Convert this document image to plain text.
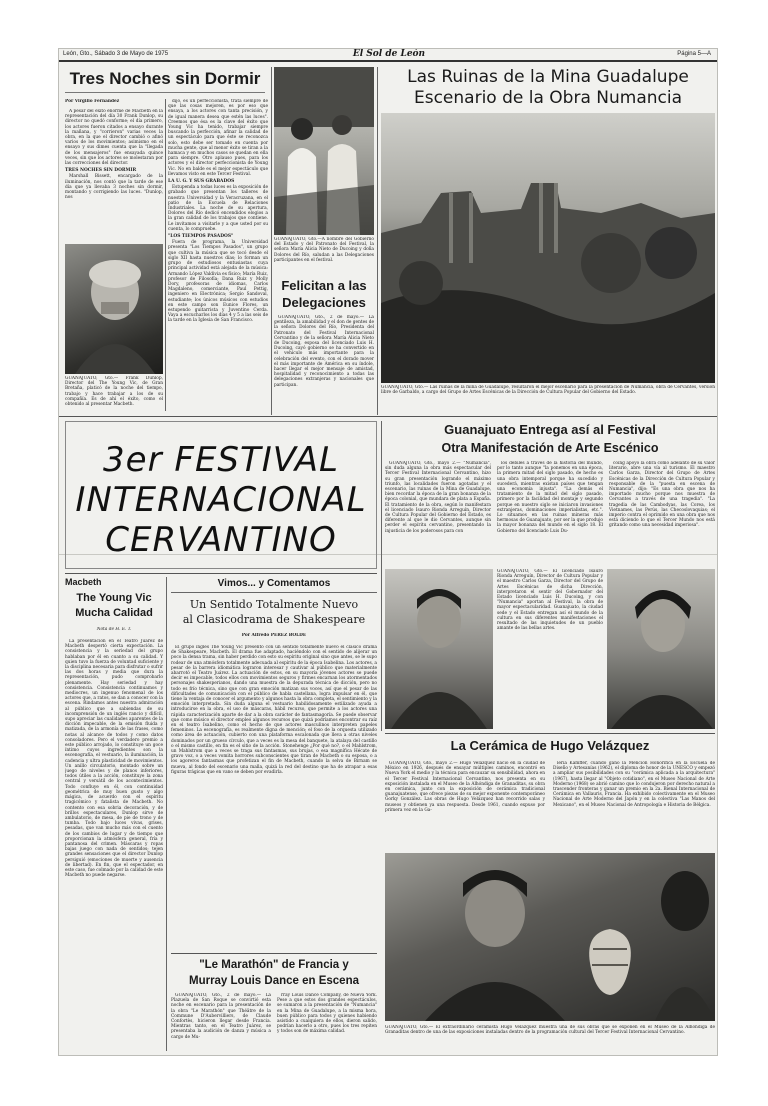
León, Gto., Sábado 3 de Mayo de 1975	El Sol de León	Página 5—A
Tres Noches sin Dormir
Por Virgilio Fernández

A pesar del éxito enorme de Macbeth en la representación del día 30 Frank Dunlop, su director no quedó conforme; el día primero, los actores fueron citados a ensayo durante la mañana, y "corrieron" varias veces la obra, en la que el director cambió o afinó varios de los movimientos; asimismo en el ensayo y sus dimes cuenta que la "llegada de los mensajeros" fue ensayada quince veces, sin que los actores se molestaran por las correcciones del director.

TRES NOCHES SIN DORMIR

Marshall Bissett, encargado de la iluminación, nos contó que la tarde de ese día que ya llevaba 3 noches sin dormir, montando y corrigiendo las luces. "Dunlop, nos

GUANAJUATO, Gto.— Frank Dunlop, Director del The Young Vic, de Gran Bretaña, platicó de la noche del tiempo, trabajo y hace trabajar a los de su compañía. Es de ahí el éxito, como el obtenido al presentar Macbeth.

dijo, es un perfeccionista, trata siempre de que las cosas mejoren, es por eso que ensaya, a los actores con tanta precisión, y de igual manera desea que estén las luces". Creemos que ésa es la clave del éxito que Young Vic ha tenido, trabajar siempre buscando la perfección, afinar la calidad de un espectáculo para que éste se reconozca solo, esto debe ser tomado en cuenta por mucha gente, que al menor éxito se tiran a la hamaca y en muchos casos se quedan en ella para siempre. Otro aplauso pues, para los actores y el director perfeccionista de Young Vic. No en balde es el mejor espectáculo que llevamos visto en este Tercer Festival.

LA U. G. Y SUS GRABADOS

Estupenda a todas luces es la exposición de grabado que presentan los talleres de nuestra Universidad y la Veracruzana, en el patio de la Escuela de Relaciones Industriales. La noche de su apertura, Dolores del Río dedicó encendidos elogios a la gran calidad de los trabajos que contiene. Le invitamos a visitarle y a que usted por su cuenta, lo compruebe.

"LOS TIEMPOS PASADOS"

Fuera de programa, la Universidad presenta "Los Tiempos Pasados", un grupo que cultiva la música que se tocó desde el siglo XII hasta nuestros días; lo forman un grupo de estudiosos entusiastas cuya principal actividad está alejada de la música: Armando López Valdivia es físico; María Ruiz, profesor de Filosofía; Dana Ruiz y Molly Dory, profesoras de idiomas, Carlos Magdaleno, comerciante, Paul Pettig, ingeniero en Electrónica; Sergio Sandoval, estudiante; los únicos músicos con estudios en este campo son Eunice Flores, un estupendo guitarrista y Juventino Cerda. Vaya a escucharlos los días 4 y 5 a las seis de la tarde en la Iglesia de San Francisco.

GUANAJUATO, Gto.—A nombre del Gobierno del Estado y del Patronato del Festival, la señora María Alicia Nieto de Ducoing y doña Dolores del Río, saludan a las Delegaciones participantes en el festival.
Felicitan a las
Delegaciones

GUANAJUATO, Gto., 2 de mayo.— La gentileza, la amabilidad y el don de gentes de la señora Dolores del Río, Presidenta del Patronato del Festival Internacional Cervantino y de la señora María Alicia Nieto de Ducoing, esposa del licenciado Luis H. Ducoing, cayó gobierno se ha convertido en el vehículo más importante para la celebración del evento, con el dorado mover el más importante de América en su índole, hacer llegar el mejor mensaje de amistad, hospitalidad y reconocimiento a todas las delegaciones extranjeras y nacionales que participan.

Las Ruinas de la Mina Guadalupe
Escenario de la Obra Numancia
GUANAJUATO, Gto.— Las ruinas de la mina de Guadalupe, resultaron el mejor escenario para la presentación de Numancia, obra de Cervantes, versión libre de Garbaldo, a cargo del Grupo de Artes Escénicas de la Dirección de Cultura Popular del Gobierno del Estado.
3er FESTIVAL
INTERNACIONAL
CERVANTINO
Guanajuato Entrega así al Festival
Otra Manifestación de Arte Escénico

GUANAJUATO, Gto., mayo 2.— "Numancia", sin duda alguna la obra más espectacular del Tercer Festival Internacional Cervantino, hizo su gran presentación logrando el máximo triunfo, las localidades fueron agotadas y el escenario, las ruinas de la Mina de Guadalupe, bien recordar la época de la gran bonanza de la época colonial, que mundara de plata a España. El tratamiento de la obra, según lo manifestara el licenciado Isauro Rionda Arreguín, Director de Cultura Popular del Gobierno del Estado, es diferente al que le dio Cervantes, aunque sin perder el espíritu cervantino, presentando la injusticia de los poderosos para con

los débiles a través de la historia del mundo, por lo tanto aunque "la ponemos en una época, la primera mitad del siglo pasado, de hecho es una obra intemporal porque ha sucedido y sucederá, mientras existan países que tengan una economía injusta". "La demás el tratamiento de la mitad del siglo pasado, primero por la facilidad del montaje y segundo porque en nuestro siglo se iniciaron invasiones extranjeras, dominaciones imperialistas, etc.". Lo situamos en las ruinas mineras más hermosas de Guanajuato, por ser la que produjo la mayor bonanza del mundo en el siglo 18. El Gobierno del licenciado Luis Du-

coing apoyó la obra como adelanto de su valor literario, abre una vía al turismo. El maestro Carlos Garza, Director del Grupo de Artes Escénicas de la Dirección de Cultura Popular y responsable de la "puesta en escena de Numancia", dijo: "Es una obra que nos ha importado mucho porque nos muestra de Cervantes a través de una tragedia". "La tragedia de las Cambodyas, las Corea, los Vietnames, las Perús, las Checoslovaquias; el imperio contra el oprimido en una obra que nos está diciendo lo que el Tercer Mundo nos está gritando como una necesidad imperiosa".

GUANAJUATO, Gto.— El licenciado Isauro Rionda Arreguín, Director de Cultura Popular y el maestro Carlos Garza, Director del Grupo de Artes Escénicas de dicha Dirección, interpretaron el sentir del Gobernador del Estado licenciado Luis H. Ducoing, y con "Numancia" aportan al Festival, la obra de mayor espectacularidad. Guanajuato, la ciudad sede y el Estado entregan así el mundo de la cultura en sus diferentes manifestaciones el resultado de las inquietudes de un pueblo amante de las bellas artes.
Macbeth
The Young Vic
Mucha Calidad
Nota de H. E. T.

La presentación en el Teatro Juárez de Macbeth despertó cierta expectación. La consistencia y la seriedad del grupo hablaban por él en cuanto a su calidad. Y quien tuvo la fuerza de voluntad suficiente y la disciplina necesaria para disfrutar o sufrir las dos horas y media que dura la representación, pudo comprobarlo plenamente. Hay seriedad y hay consistencia. Consistencia continuamos y mediocres, un ingenuo fenomenal de los actores que, a ratos, se dan a conocer con la escena. Rindamos antes nuestra admiración al público que a sabiendas de su incomprensión de un inglés rancio y difícil, supo apreciar las cualidades aparentes de la dicción impecable, de la emisión fluida y matizada, de la armonía de las frases, como notas al alcance de todos y como datos consoladores. Pero el verdadero premio a este público arrojado, lo constituye un goce íntimo cuyos ingredientes son la escenografía, el vestuario, la iluminación, la cadencia y ultra plasticidad de movimientos. Un anillo circulatorio, montado sobre un juego de niveles y de planos inferiores, todos útiles a la acción, constituye la zona central y versátil de los acontecimientos. Todo confluye en él, con continuidad geométrica de muy buen gusto y algo mágica, de acuerdo con el espíritu tragicómico y fatalista de Macbeth. No contento con esa sobria decoración, y de brillos espectaculares, Dunlop sirve de ambulatorio, de mesa, de pie de trono y de tumba. Todo bajo luces vivas, grises, pesadas, que van mucho más con el cuento de los cambios de lugar y de tiempo que proporcionan la atmósfera general, fría y pantanosa del crimen. Máscaras y ropas bajas juego con nada de sentidos; tejen grandes sensaciones que el director Dunlop persiguió (emociones de muerte y ausencia de libertad). En fin, que el espectador, en este caso, fue colmado por la calidad de este Macbeth no puede negarse.

Vimos... y Comentamos
Un Sentido Totalmente Nuevo
al Clasicodrama de Shakespeare
Por Alfredo PEREZ BOLDE

El grupo inglés The Young Vic presentó con un sentido totalmente nuevo el clásico drama de Shakespeare, Macbeth. El drama fue adaptado, haciéndolo con el sentido de alijerar un poco la densa trama, sin haber perdido con esto su espíritu original sino que antes, se le supo rodear de una atmósfera totalmente adecuada al espíritu de la época Isabelina. Los actores, a pesar de la barrera idiomática lograron interesar y cautivar al público que materialmente abarrotó el Teatro Juárez. La actuación de estos, en su mayoría jóvenes actores se puede decir es impecable, todos ellos con movimientos seguros y firmes encarnan los atormentados personajes shakesperianos, dando una muestra de la depurada técnica de dicción, pero no todo es frío técnica, sino que con gran emoción matizan sus voces, así que el pesar de las dificultades de comunicación con el público de habla castellana, logra impulsar en él, que tiene la ventaja de conocer el argumento y algunos hasta la obra completa, el sentimiento y la emoción interpretada. Sin duda alguna el vestuario habilidosamente estilizado ayuda a introducirse en la obra, el uso de máscaras, hábil recurso, que permite a los actores una rápida caracterización aparte de dar a la obra carácter de fantasmagoría. Se puede observar que como músico el director empleó algunos recursos que quizá podríamos encontrar su raíz en el teatro Isabelino, como el hecho de que actores masculinos interpreten papeles femeninos. La escenografía, es realmente digna de mención; el foso de la orquesta utilizado como área de actuación, cubierto con una plataforma escalonada que lleva a otras niveles dominados por un grueso círculo, que a veces es la mesa del banquete, la atalaya del castillo o el mismo castillo, en fin es el sitio de la acción. Stonehenge ¿Por qué no?, o el Mahlstrom, un Mahlstrom que a veces se traga sus fantasmas, sus brujas, o esa magnífica Hécate de gravo voz, o a veces vomita horrores subconscientes que tiran de Macbeth o su esposa, o a los agoreros fantasmas que profetizan el fin de Macbeth, cuando la selva de Birnam se mueva, al fondo del escenario una malla, quizá la red del destino que ha de atrapar a esas figuras trágicas que en vano se deben por evadirla.

"Le Marathón" de Francia y
Murray Louis Dance en Escena

GUANAJUATO, Gto., 2 de mayo.— La Plazuela de San Roque se convirtió esta noche en escenario para la presentación de la obra "Le Marathón" que Théâtre de la Commune D'Aubervilliers, de Claude Confortès, hicieron llegar desde Francia. Mientras tanto, en el Teatro Juárez, se presentaba la audición de danza y música a cargo de Mu-

rray Louis Dance Company, de Nueva York. Pese a que estos dos grandes espectáculos, se sumaron a la presentación de "Numancia" en la Mina de Guadalupe, a la misma hora, buen público para todos y quienes habiendo asistido a cualquiera de ellos, dieron salido, podrían hacerlo a otro, pues los tres repiten y todos son de máxima calidad.

La Cerámica de Hugo Velázquez

GUANAJUATO, Gto., mayo 2.— Hugo Velázquez nació en la ciudad de México en 1926, después de ensayar múltiples caminos, encontró en Nueva York el medio y la técnica para encauzar su sensibilidad, ahora en el Tercer Festival Internacional Cervantino, nos presenta en su exposición instalada en el Museo de la Alhóndiga de Granaditas, su obra en cerámica, junto con la exposición de cerámica tradicional guanajuatense, que ofrece piezas de su mejor exponente contemporáneo Gorky González. Las obras de Hugo Velázquez han recorrido salas y museos y obtienen ya una respuesta. Desde 1961, cuando expuso por primera vez en la Ga-

lería Kamffer, cuando ganó la Mención Honorífica en la Escuela de Diseño y Artesanías (1962), el diploma de honor de la UNESCO y empezó a ampliar sus posibilidades con su "cerámica aplicada a la arquitectura" (1967), hasta llegar al "Objeto cotidiano", en el Museo Nacional de Arte Moderno (1968) se abrió camino que lo condujeron por derecho natural a trascender fronteras y ganar un premio en la 2a. Bienal Internacional de Cerámica en Vallauris, Francia. Ha exhibido colectivamente en el Museo Nacional de Arte Moderno del Japón y en la colectiva "Las Manos del Mexicano", en el Museo Nacional de Antropología e Historia de Bélgica.

GUANAJUATO, Gto.— El extraordinario ceramista Hugo Velázquez muestra una de sus obras que se exponen en el Museo de la Alhóndiga de Granaditas dentro de una de las exposiciones instaladas dentro de la programación cultural del Tercer Festival Internacional Cervantino.
